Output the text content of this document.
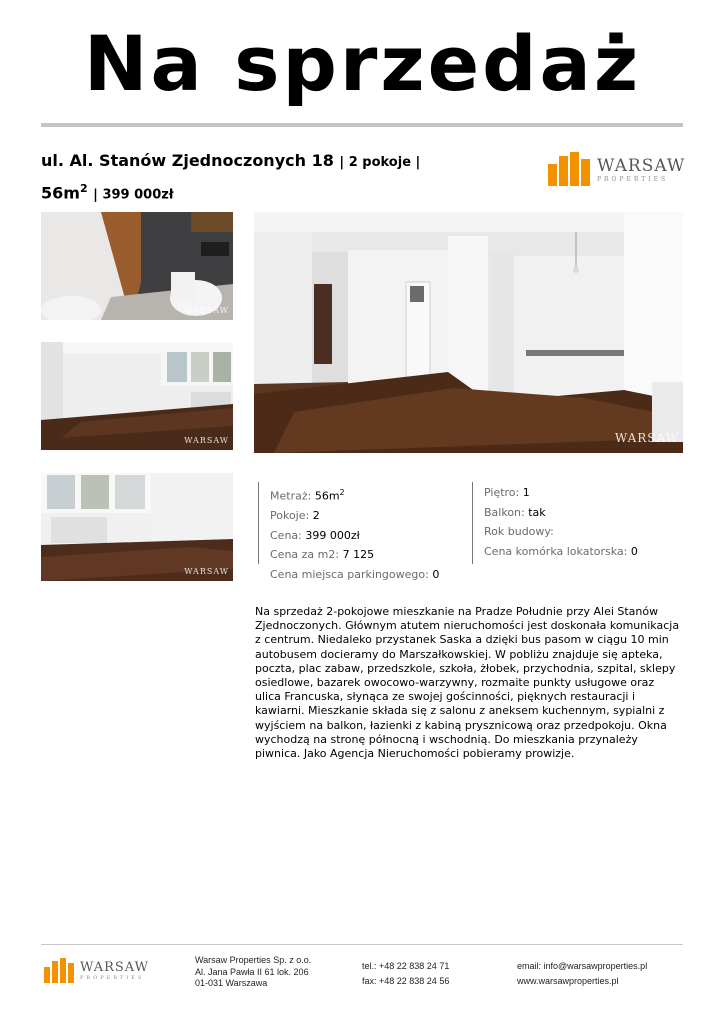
Na sprzedaż
ul. Al. Stanów Zjednoczonych 18 | 2 pokoje |
$56m^2$ | 399 000zł
WARSAW
PROPERTIES
WARSAW
WARSAW
WARSAW
WARSAW
Metraż: $56m^2$
Pokoje: 2
Cena: 399 000zł
Cena za m2: 7 125
Cena miejsca parkingowego: 0
Piętro: 1
Balkon: tak
Rok budowy:
Cena komórka lokatorska: 0
Na sprzedaż 2-pokojowe mieszkanie na Pradze Południe przy Alei Stanów Zjednoczonych. Głównym atutem nieruchomości jest doskonała komunikacja z centrum. Niedaleko przystanek Saska a dzięki bus pasom w ciągu 10 min autobusem docieramy do Marszałkowskiej. W pobliżu znajduje się apteka, poczta, plac zabaw, przedszkole, szkoła, żłobek, przychodnia, szpital, sklepy osiedlowe, bazarek owocowo-warzywny, rozmaite punkty usługowe oraz ulica Francuska, słynąca ze swojej gościnności, pięknych restauracji i kawiarni. Mieszkanie składa się z salonu z aneksem kuchennym, sypialni z wyjściem na balkon, łazienki z kabiną prysznicową oraz przedpokoju. Okna wychodzą na stronę północną i wschodnią. Do mieszkania przynależy piwnica. Jako Agencja Nieruchomości pobieramy prowizje.
WARSAW
PROPERTIES
Warsaw Properties Sp. z o.o.
Al. Jana Pawła II 61 lok. 206
01-031 Warszawa
tel.: +48 22 838 24 71
fax: +48 22 838 24 56
email: info@warsawproperties.pl
www.warsawproperties.pl
